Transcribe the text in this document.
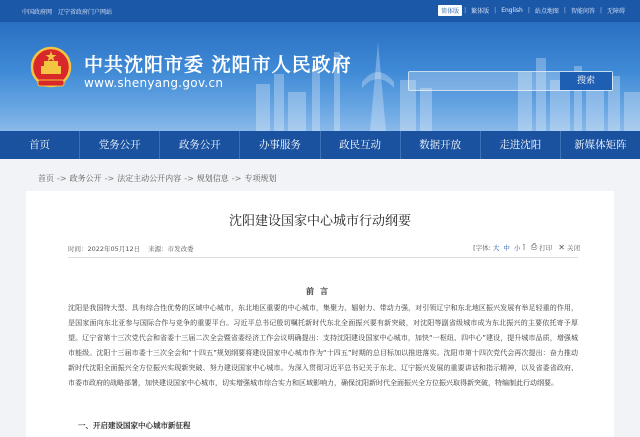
中国政府网 辽宁省政府门户网站	简体版 | 繁体版 | English | 站点地图 | 智能问答 | 无障碍
中共沈阳市委 沈阳市人民政府
www.shenyang.gov.cn	搜索
首页	党务公开	政务公开	办事服务	政民互动	数据开放	走进沈阳	新媒体矩阵
首页 -> 政务公开 -> 法定主动公开内容 -> 规划信息 -> 专项规划
沈阳建设国家中心城市行动纲要
时间：2022年05月12日 来源：市发改委	[字体: 大 中 小 ] ⎙ 打印 ✕ 关闭
前言
沈阳是我国特大型、具有综合性优势的区域中心城市，东北地区重要的中心城市，集聚力、辐射力、带动力强，对引领辽宁和东北地区振兴发展有举足轻重的作用，是国家面向东北亚参与国际合作与竞争的重要平台。习近平总书记殷切嘱托新时代东北全面振兴要有新突破，对沈阳等副省级城市成为东北振兴的主要依托寄予厚望。辽宁省第十三次党代会和省委十三届二次全会暨省委经济工作会议明确提出：支持沈阳建设国家中心城市，加快“一枢纽、四中心”建设，提升城市品质，增强城市能级。沈阳十三届市委十三次全会和“十四五”规划纲要将建设国家中心城市作为“十四五”时期的总目标加以推进落实。沈阳市第十四次党代会再次提出：奋力推动新时代沈阳全面振兴全方位振兴实现新突破、努力建设国家中心城市。为深入贯彻习近平总书记关于东北、辽宁振兴发展的重要讲话和指示精神，以及省委省政府、市委市政府的战略部署，加快建设国家中心城市，切实增强城市综合实力和区域影响力，确保沈阳新时代全面振兴全方位振兴取得新突破，特编制此行动纲要。
一、开启建设国家中心城市新征程
